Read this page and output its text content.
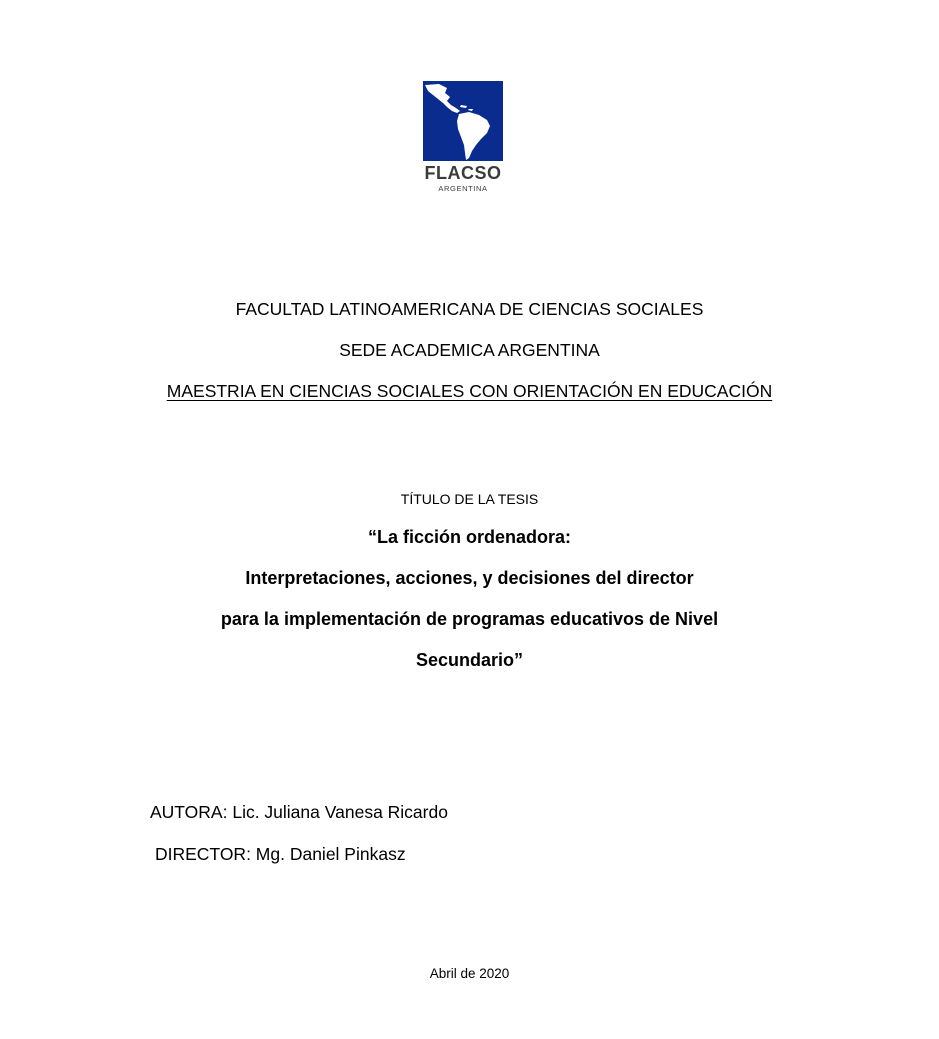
FLACSO
ARGENTINA
FACULTAD LATINOAMERICANA DE CIENCIAS SOCIALES
SEDE ACADEMICA ARGENTINA
MAESTRIA EN CIENCIAS SOCIALES CON ORIENTACIÓN EN EDUCACIÓN
TÍTULO DE LA TESIS
“La ficción ordenadora:
Interpretaciones, acciones, y decisiones del director
para la implementación de programas educativos de Nivel
Secundario”
AUTORA: Lic. Juliana Vanesa Ricardo
DIRECTOR: Mg. Daniel Pinkasz
Abril de 2020
